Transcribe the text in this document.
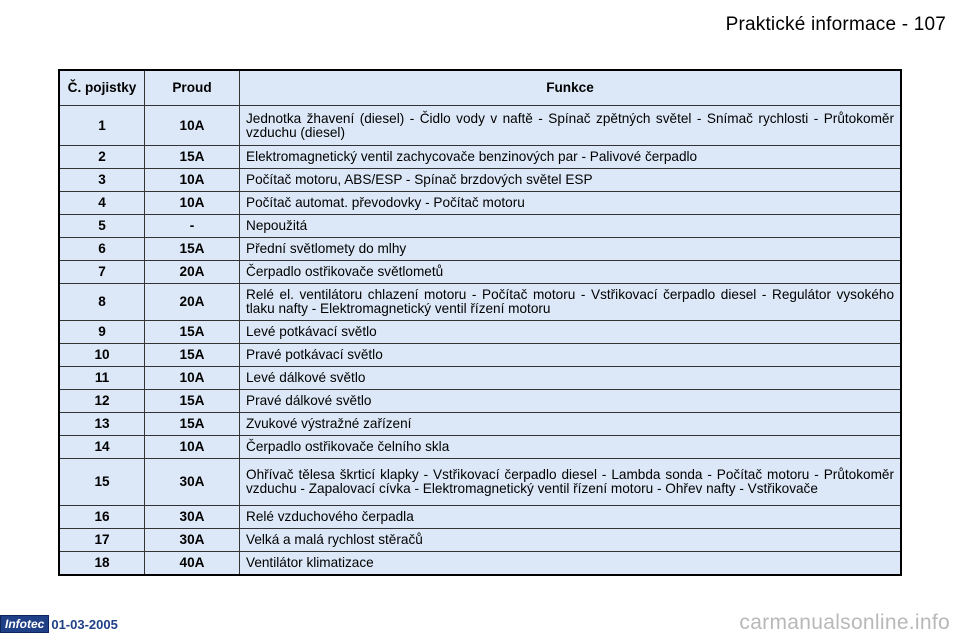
Praktické informace - 107
Č. pojistky	Proud	Funkce
1	10A	Jednotka žhavení (diesel) - Čidlo vody v naftě - Spínač zpětných světel - Snímač rychlosti - Průtokoměr vzduchu (diesel)
2	15A	Elektromagnetický ventil zachycovače benzinových par - Palivové čerpadlo
3	10A	Počítač motoru, ABS/ESP - Spínač brzdových světel ESP
4	10A	Počítač automat. převodovky - Počítač motoru
5	-	Nepoužitá
6	15A	Přední světlomety do mlhy
7	20A	Čerpadlo ostřikovače světlometů
8	20A	Relé el. ventilátoru chlazení motoru - Počítač motoru - Vstřikovací čerpadlo diesel - Regulátor vysokého tlaku nafty - Elektromagnetický ventil řízení motoru
9	15A	Levé potkávací světlo
10	15A	Pravé potkávací světlo
11	10A	Levé dálkové světlo
12	15A	Pravé dálkové světlo
13	15A	Zvukové výstražné zařízení
14	10A	Čerpadlo ostřikovače čelního skla
15	30A	Ohřívač tělesa škrticí klapky - Vstřikovací čerpadlo diesel - Lambda sonda - Počítač motoru - Průtokoměr vzduchu - Zapalovací cívka - Elektromagnetický ventil řízení motoru - Ohřev nafty - Vstřikovače
16	30A	Relé vzduchového čerpadla
17	30A	Velká a malá rychlost stěračů
18	40A	Ventilátor klimatizace
Infotec 01-03-2005	carmanualsonline.info
